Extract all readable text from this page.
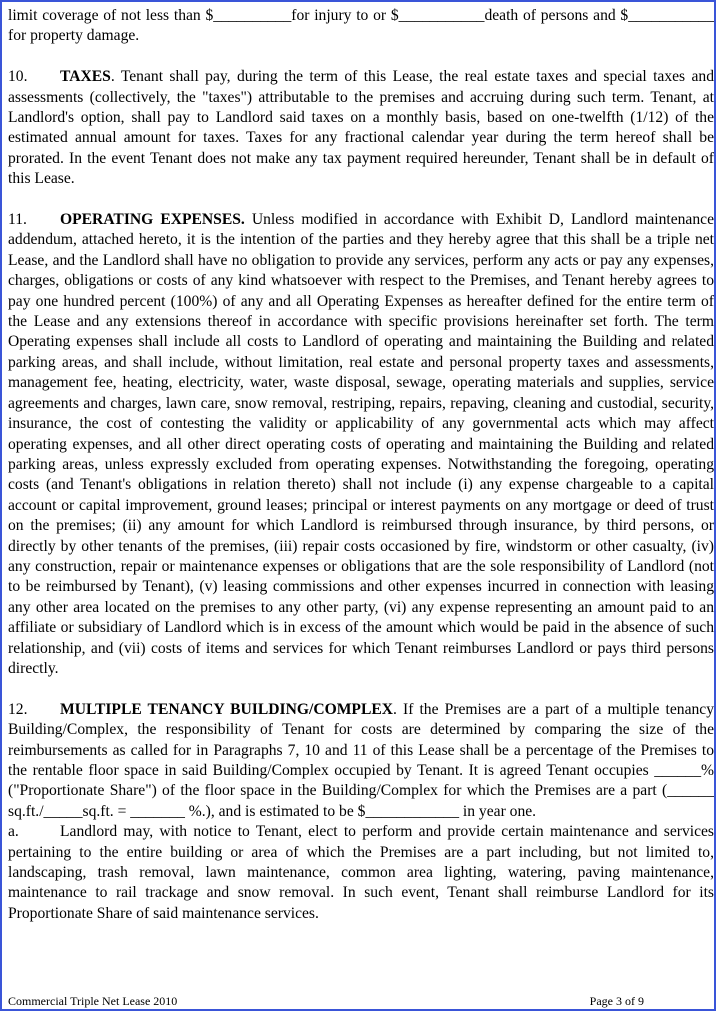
limit coverage of not less than $__________for injury to or $___________death of persons and $___________ for property damage.

10. TAXES. Tenant shall pay, during the term of this Lease, the real estate taxes and special taxes and assessments (collectively, the "taxes") attributable to the premises and accruing during such term. Tenant, at Landlord's option, shall pay to Landlord said taxes on a monthly basis, based on one-twelfth (1/12) of the estimated annual amount for taxes. Taxes for any fractional calendar year during the term hereof shall be prorated. In the event Tenant does not make any tax payment required hereunder, Tenant shall be in default of this Lease.

11. OPERATING EXPENSES. Unless modified in accordance with Exhibit D, Landlord maintenance addendum, attached hereto, it is the intention of the parties and they hereby agree that this shall be a triple net Lease, and the Landlord shall have no obligation to provide any services, perform any acts or pay any expenses, charges, obligations or costs of any kind whatsoever with respect to the Premises, and Tenant hereby agrees to pay one hundred percent (100%) of any and all Operating Expenses as hereafter defined for the entire term of the Lease and any extensions thereof in accordance with specific provisions hereinafter set forth. The term Operating expenses shall include all costs to Landlord of operating and maintaining the Building and related parking areas, and shall include, without limitation, real estate and personal property taxes and assessments, management fee, heating, electricity, water, waste disposal, sewage, operating materials and supplies, service agreements and charges, lawn care, snow removal, restriping, repairs, repaving, cleaning and custodial, security, insurance, the cost of contesting the validity or applicability of any governmental acts which may affect operating expenses, and all other direct operating costs of operating and maintaining the Building and related parking areas, unless expressly excluded from operating expenses. Notwithstanding the foregoing, operating costs (and Tenant's obligations in relation thereto) shall not include (i) any expense chargeable to a capital account or capital improvement, ground leases; principal or interest payments on any mortgage or deed of trust on the premises; (ii) any amount for which Landlord is reimbursed through insurance, by third persons, or directly by other tenants of the premises, (iii) repair costs occasioned by fire, windstorm or other casualty, (iv) any construction, repair or maintenance expenses or obligations that are the sole responsibility of Landlord (not to be reimbursed by Tenant), (v) leasing commissions and other expenses incurred in connection with leasing any other area located on the premises to any other party, (vi) any expense representing an amount paid to an affiliate or subsidiary of Landlord which is in excess of the amount which would be paid in the absence of such relationship, and (vii) costs of items and services for which Tenant reimburses Landlord or pays third persons directly.

12. MULTIPLE TENANCY BUILDING/COMPLEX. If the Premises are a part of a multiple tenancy Building/Complex, the responsibility of Tenant for costs are determined by comparing the size of the reimbursements as called for in Paragraphs 7, 10 and 11 of this Lease shall be a percentage of the Premises to the rentable floor space in said Building/Complex occupied by Tenant. It is agreed Tenant occupies ______% ("Proportionate Share") of the floor space in the Building/Complex for which the Premises are a part (______ sq.ft./_____sq.ft. = _______ %.), and is estimated to be $____________ in year one.

a.	Landlord may, with notice to Tenant, elect to perform and provide certain maintenance and services pertaining to the entire building or area of which the Premises are a part including, but not limited to, landscaping, trash removal, lawn maintenance, common area lighting, watering, paving maintenance, maintenance to rail trackage and snow removal. In such event, Tenant shall reimburse Landlord for its Proportionate Share of said maintenance services.

Commercial Triple Net Lease 2010	Page 3 of 9
